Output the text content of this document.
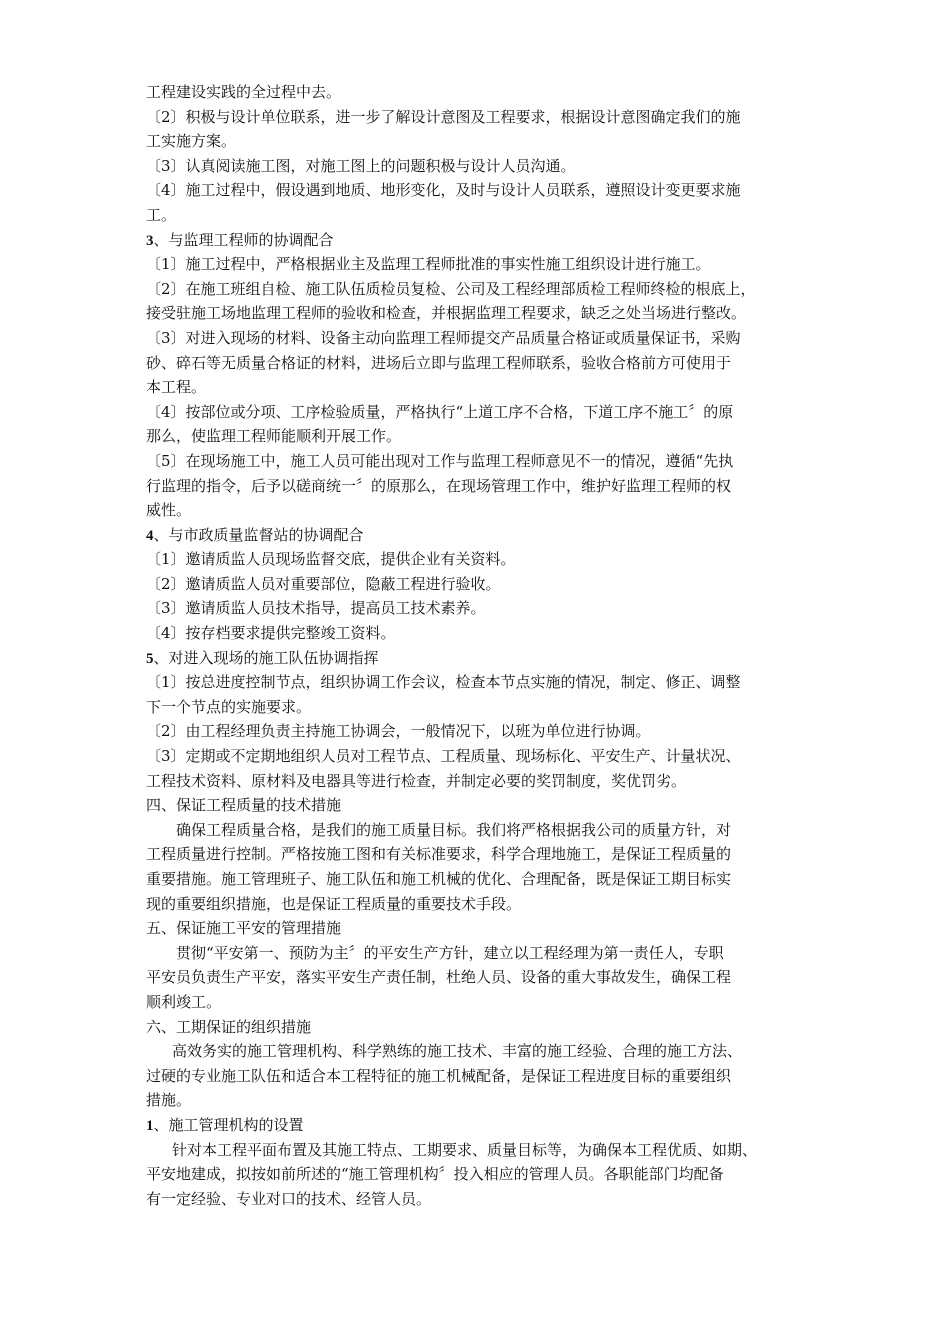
工程建设实践的全过程中去。
〔2〕积极与设计单位联系，进一步了解设计意图及工程要求，根据设计意图确定我们的施
工实施方案。
〔3〕认真阅读施工图，对施工图上的问题积极与设计人员沟通。
〔4〕施工过程中，假设遇到地质、地形变化，及时与设计人员联系，遵照设计变更要求施
工。
3、与监理工程师的协调配合
〔1〕施工过程中，严格根据业主及监理工程师批准的事实性施工组织设计进行施工。
〔2〕在施工班组自检、施工队伍质检员复检、公司及工程经理部质检工程师终检的根底上，
接受驻施工场地监理工程师的验收和检查，并根据监理工程要求，缺乏之处当场进行整改。
〔3〕对进入现场的材料、设备主动向监理工程师提交产品质量合格证或质量保证书，采购
砂、碎石等无质量合格证的材料，进场后立即与监理工程师联系，验收合格前方可使用于
本工程。
〔4〕按部位或分项、工序检验质量，严格执行“上道工序不合格，下道工序不施工〞的原
那么，使监理工程师能顺利开展工作。
〔5〕在现场施工中，施工人员可能出现对工作与监理工程师意见不一的情况，遵循“先执
行监理的指令，后予以磋商统一〞的原那么，在现场管理工作中，维护好监理工程师的权
威性。
4、与市政质量监督站的协调配合
〔1〕邀请质监人员现场监督交底，提供企业有关资料。
〔2〕邀请质监人员对重要部位，隐蔽工程进行验收。
〔3〕邀请质监人员技术指导，提高员工技术素养。
〔4〕按存档要求提供完整竣工资料。
5、对进入现场的施工队伍协调指挥
〔1〕按总进度控制节点，组织协调工作会议，检查本节点实施的情况，制定、修正、调整
下一个节点的实施要求。
〔2〕由工程经理负责主持施工协调会，一般情况下，以班为单位进行协调。
〔3〕定期或不定期地组织人员对工程节点、工程质量、现场标化、平安生产、计量状况、
工程技术资料、原材料及电器具等进行检查，并制定必要的奖罚制度，奖优罚劣。
四、保证工程质量的技术措施
确保工程质量合格，是我们的施工质量目标。我们将严格根据我公司的质量方针，对
工程质量进行控制。严格按施工图和有关标准要求，科学合理地施工，是保证工程质量的
重要措施。施工管理班子、施工队伍和施工机械的优化、合理配备，既是保证工期目标实
现的重要组织措施，也是保证工程质量的重要技术手段。
五、保证施工平安的管理措施
贯彻“平安第一、预防为主〞的平安生产方针，建立以工程经理为第一责任人，专职
平安员负责生产平安，落实平安生产责任制，杜绝人员、设备的重大事故发生，确保工程
顺利竣工。
六、工期保证的组织措施
高效务实的施工管理机构、科学熟练的施工技术、丰富的施工经验、合理的施工方法、
过硬的专业施工队伍和适合本工程特征的施工机械配备，是保证工程进度目标的重要组织
措施。
1、施工管理机构的设置
针对本工程平面布置及其施工特点、工期要求、质量目标等，为确保本工程优质、如期、
平安地建成，拟按如前所述的“施工管理机构〞投入相应的管理人员。各职能部门均配备
有一定经验、专业对口的技术、经管人员。
